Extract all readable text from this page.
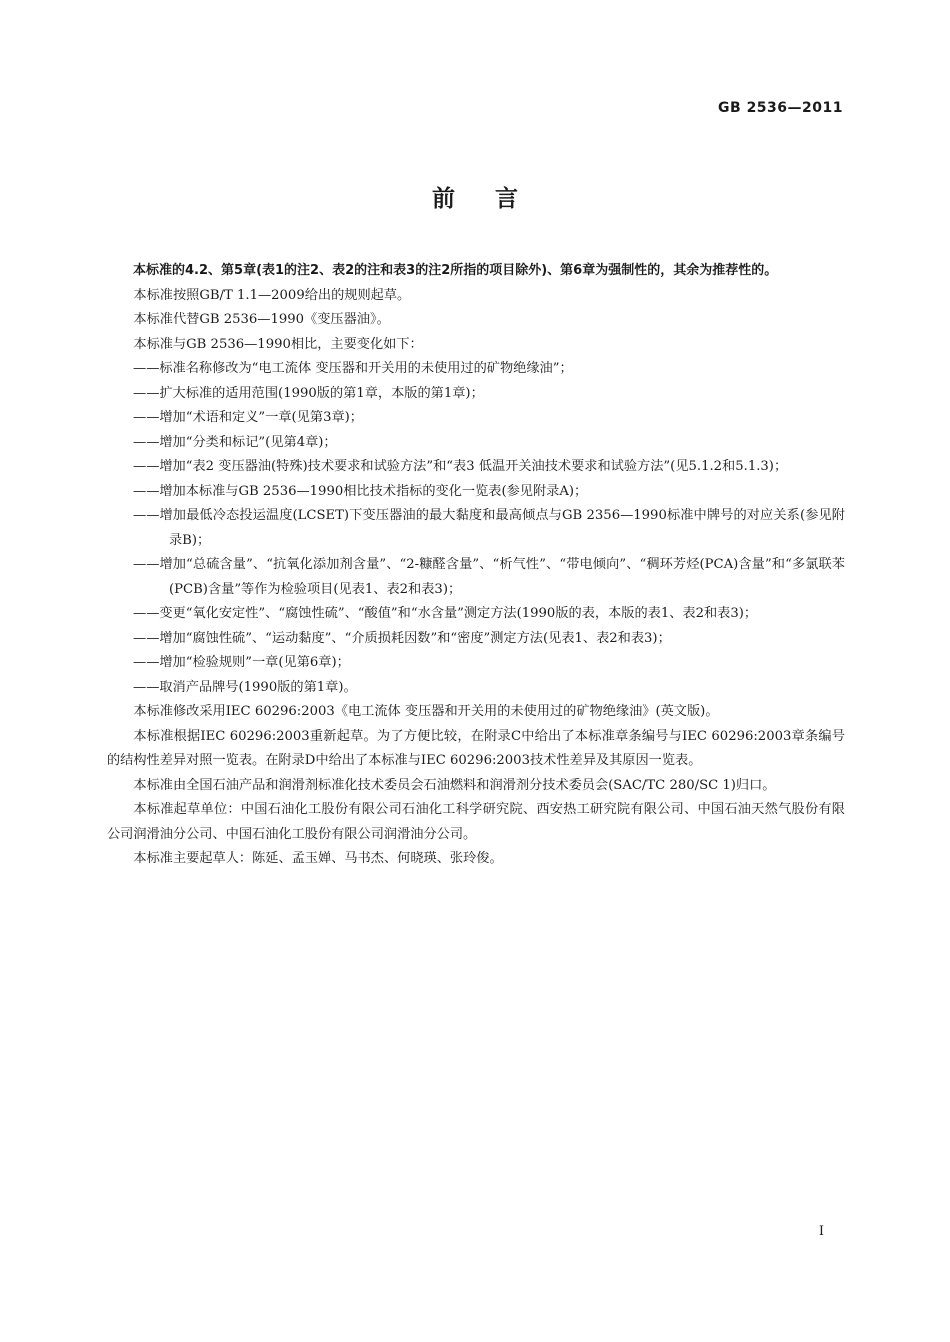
GB 2536—2011
前言

本标准的4.2、第5章(表1的注2、表2的注和表3的注2所指的项目除外)、第6章为强制性的，其余为推荐性的。

本标准按照GB/T 1.1—2009给出的规则起草。

本标准代替GB 2536—1990《变压器油》。

本标准与GB 2536—1990相比，主要变化如下：

——标准名称修改为“电工流体 变压器和开关用的未使用过的矿物绝缘油”；
——扩大标准的适用范围(1990版的第1章，本版的第1章)；
——增加“术语和定义”一章(见第3章)；
——增加“分类和标记”(见第4章)；
——增加“表2 变压器油(特殊)技术要求和试验方法”和“表3 低温开关油技术要求和试验方法”(见5.1.2和5.1.3)；
——增加本标准与GB 2536—1990相比技术指标的变化一览表(参见附录A)；
——增加最低冷态投运温度(LCSET)下变压器油的最大黏度和最高倾点与GB 2356—1990标准中牌号的对应关系(参见附录B)；
——增加“总硫含量”、“抗氧化添加剂含量”、“2-糠醛含量”、“析气性”、“带电倾向”、“稠环芳烃(PCA)含量”和“多氯联苯(PCB)含量”等作为检验项目(见表1、表2和表3)；
——变更“氧化安定性”、“腐蚀性硫”、“酸值”和“水含量”测定方法(1990版的表，本版的表1、表2和表3)；
——增加“腐蚀性硫”、“运动黏度”、“介质损耗因数”和“密度”测定方法(见表1、表2和表3)；
——增加“检验规则”一章(见第6章)；
——取消产品牌号(1990版的第1章)。

本标准修改采用IEC 60296:2003《电工流体 变压器和开关用的未使用过的矿物绝缘油》(英文版)。

本标准根据IEC 60296:2003重新起草。为了方便比较，在附录C中给出了本标准章条编号与IEC 60296:2003章条编号的结构性差异对照一览表。在附录D中给出了本标准与IEC 60296:2003技术性差异及其原因一览表。

本标准由全国石油产品和润滑剂标准化技术委员会石油燃料和润滑剂分技术委员会(SAC/TC 280/SC 1)归口。

本标准起草单位：中国石油化工股份有限公司石油化工科学研究院、西安热工研究院有限公司、中国石油天然气股份有限公司润滑油分公司、中国石油化工股份有限公司润滑油分公司。

本标准主要起草人：陈延、孟玉婵、马书杰、何晓瑛、张玲俊。

I
